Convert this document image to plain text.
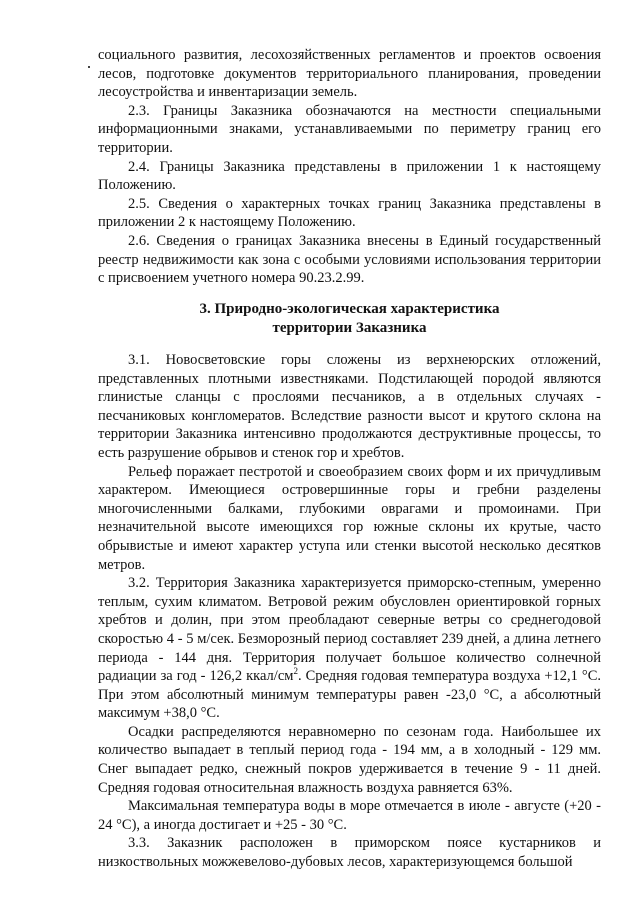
социального развития, лесохозяйственных регламентов и проектов освоения лесов, подготовке документов территориального планирования, проведении лесоустройства и инвентаризации земель.

2.3. Границы Заказника обозначаются на местности специальными информационными знаками, устанавливаемыми по периметру границ его территории.

2.4. Границы Заказника представлены в приложении 1 к настоящему Положению.

2.5. Сведения о характерных точках границ Заказника представлены в приложении 2 к настоящему Положению.

2.6. Сведения о границах Заказника внесены в Единый государственный реестр недвижимости как зона с особыми условиями использования территории с присвоением учетного номера 90.23.2.99.

3. Природно-экологическая характеристика
территории Заказника

3.1. Новосветовские горы сложены из верхнеюрских отложений, представленных плотными известняками. Подстилающей породой являются глинистые сланцы с прослоями песчаников, а в отдельных случаях - песчаниковых конгломератов. Вследствие разности высот и крутого склона на территории Заказника интенсивно продолжаются деструктивные процессы, то есть разрушение обрывов и стенок гор и хребтов.

Рельеф поражает пестротой и своеобразием своих форм и их причудливым характером. Имеющиеся островершинные горы и гребни разделены многочисленными балками, глубокими оврагами и промоинами. При незначительной высоте имеющихся гор южные склоны их крутые, часто обрывистые и имеют характер уступа или стенки высотой несколько десятков метров.

3.2. Территория Заказника характеризуется приморско-степным, умеренно теплым, сухим климатом. Ветровой режим обусловлен ориентировкой горных хребтов и долин, при этом преобладают северные ветры со среднегодовой скоростью 4 - 5 м/сек. Безморозный период составляет 239 дней, а длина летнего периода - 144 дня. Территория получает большое количество солнечной радиации за год - 126,2 ккал/$см^2$. Средняя годовая температура воздуха +12,1 °С. При этом абсолютный минимум температуры равен -23,0 °С, а абсолютный максимум +38,0 °С.

Осадки распределяются неравномерно по сезонам года. Наибольшее их количество выпадает в теплый период года - 194 мм, а в холодный - 129 мм. Снег выпадает редко, снежный покров удерживается в течение 9 - 11 дней. Средняя годовая относительная влажность воздуха равняется 63%.

Максимальная температура воды в море отмечается в июле - августе (+20 - 24 °С), а иногда достигает и +25 - 30 °С.

3.3. Заказник расположен в приморском поясе кустарников и низкоствольных можжевелово-дубовых лесов, характеризующемся большой
